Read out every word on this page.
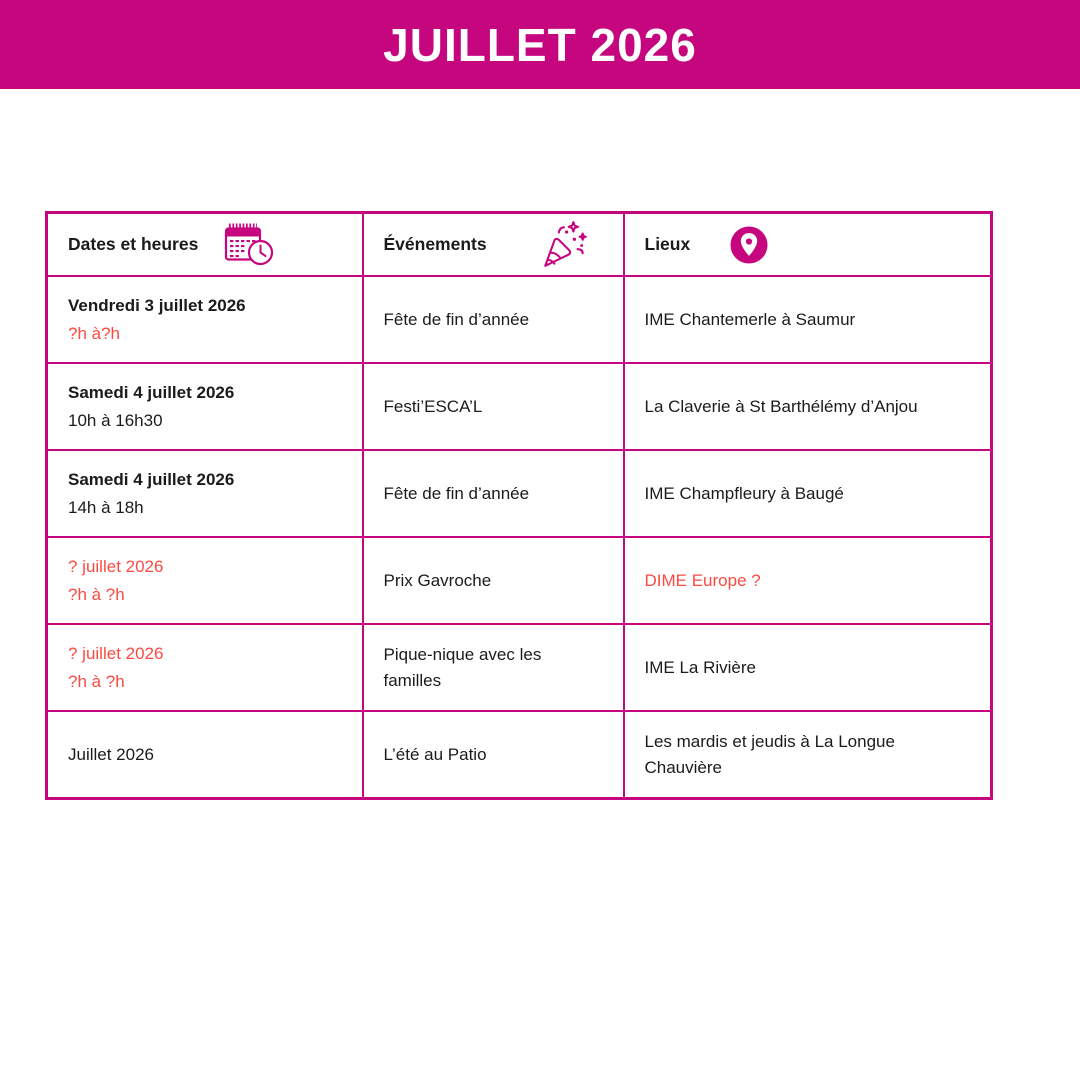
JUILLET 2026
Dates et heures	Événements	Lieux

Vendredi 3 juillet 2026
?h à?h	Fête de fin d’année	IME Chantemerle à Saumur

Samedi 4 juillet 2026
10h à 16h30	Festi’ESCA’L	La Claverie à St Barthélémy d’Anjou

Samedi 4 juillet 2026
14h à 18h	Fête de fin d’année	IME Champfleury à Baugé

? juillet 2026
?h à ?h	Prix Gavroche	DIME Europe ?

? juillet 2026
?h à ?h	Pique-nique avec les familles	IME La Rivière

Juillet 2026	L’été au Patio	Les mardis et jeudis à La Longue Chauvière
